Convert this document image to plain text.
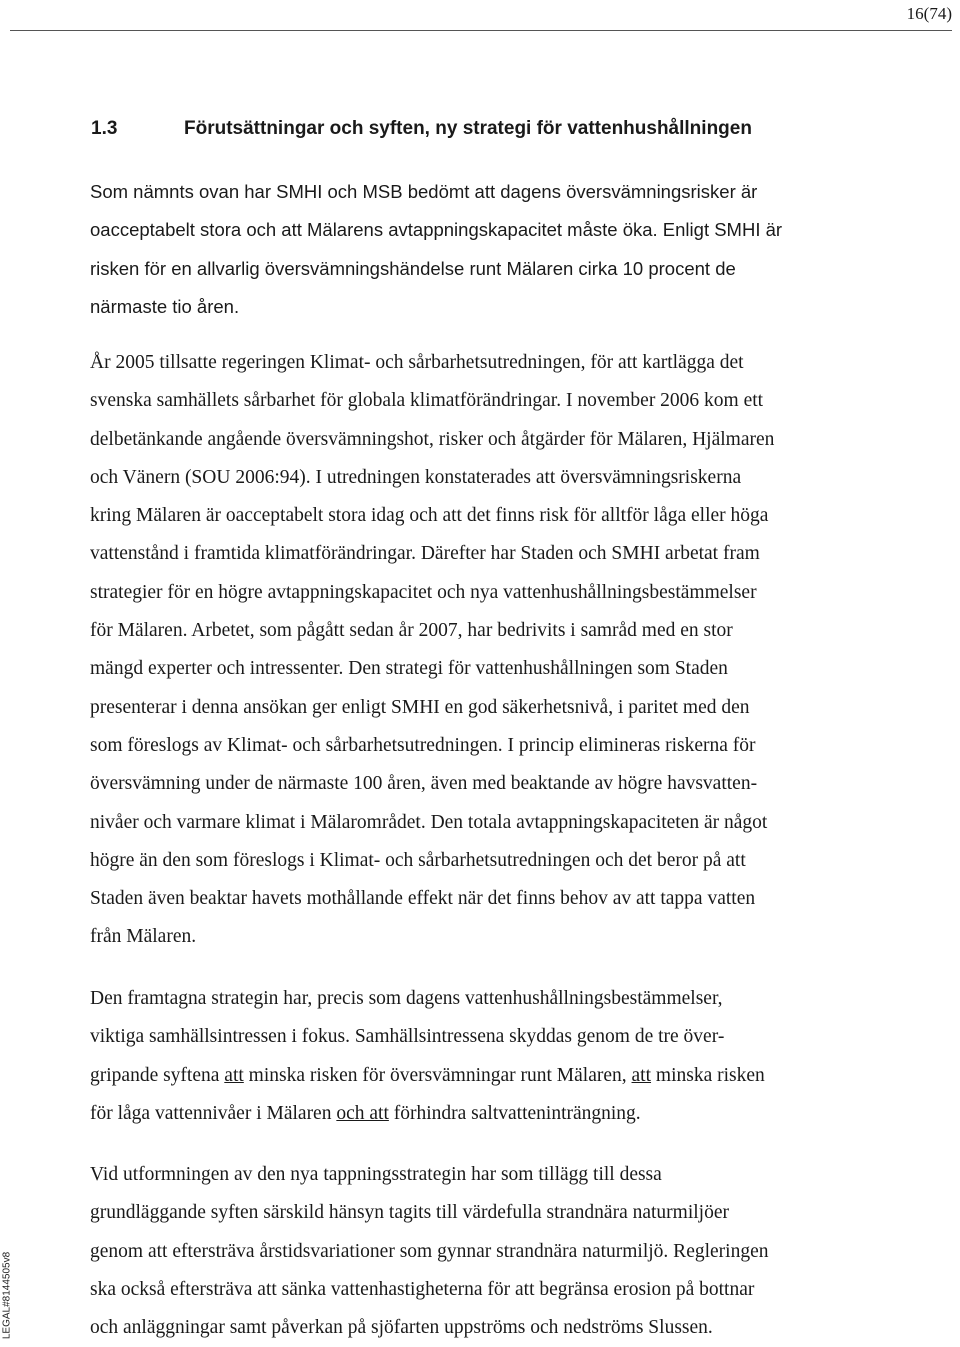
16(74)
1.3	Förutsättningar och syften, ny strategi för vattenhushållningen

Som nämnts ovan har SMHI och MSB bedömt att dagens översvämningsrisker är
oacceptabelt stora och att Mälarens avtappningskapacitet måste öka. Enligt SMHI är
risken för en allvarlig översvämningshändelse runt Mälaren cirka 10 procent de
närmaste tio åren.

År 2005 tillsatte regeringen Klimat- och sårbarhetsutredningen, för att kartlägga det
svenska samhällets sårbarhet för globala klimatförändringar. I november 2006 kom ett
delbetänkande angående översvämningshot, risker och åtgärder för Mälaren, Hjälmaren
och Vänern (SOU 2006:94). I utredningen konstaterades att översvämningsriskerna
kring Mälaren är oacceptabelt stora idag och att det finns risk för alltför låga eller höga
vattenstånd i framtida klimatförändringar. Därefter har Staden och SMHI arbetat fram
strategier för en högre avtappningskapacitet och nya vattenhushållningsbestämmelser
för Mälaren. Arbetet, som pågått sedan år 2007, har bedrivits i samråd med en stor
mängd experter och intressenter. Den strategi för vattenhushållningen som Staden
presenterar i denna ansökan ger enligt SMHI en god säkerhetsnivå, i paritet med den
som föreslogs av Klimat- och sårbarhetsutredningen. I princip elimineras riskerna för
översvämning under de närmaste 100 åren, även med beaktande av högre havsvatten-
nivåer och varmare klimat i Mälarområdet. Den totala avtappningskapaciteten är något
högre än den som föreslogs i Klimat- och sårbarhetsutredningen och det beror på att
Staden även beaktar havets mothållande effekt när det finns behov av att tappa vatten
från Mälaren.

Den framtagna strategin har, precis som dagens vattenhushållningsbestämmelser,
viktiga samhällsintressen i fokus. Samhällsintressena skyddas genom de tre över-
gripande syftena att minska risken för översvämningar runt Mälaren, att minska risken
för låga vattennivåer i Mälaren och att förhindra saltvatteninträngning.

Vid utformningen av den nya tappningsstrategin har som tillägg till dessa
grundläggande syften särskild hänsyn tagits till värdefulla strandnära naturmiljöer
genom att eftersträva årstidsvariationer som gynnar strandnära naturmiljö. Regleringen
ska också eftersträva att sänka vattenhastigheterna för att begränsa erosion på bottnar
och anläggningar samt påverkan på sjöfarten uppströms och nedströms Slussen.

LEGAL#8144505v8
